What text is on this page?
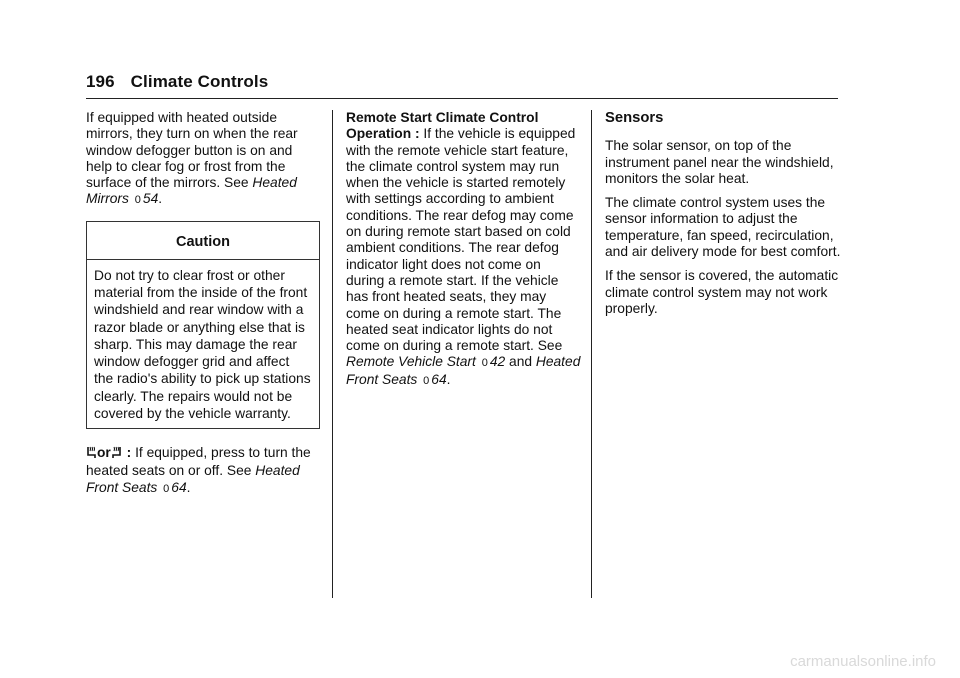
196 Climate Controls

If equipped with heated outside mirrors, they turn on when the rear window defogger button is on and help to clear fog or frost from the surface of the mirrors. See Heated Mirrors 0 54.

Caution
Do not try to clear frost or other material from the inside of the front windshield and rear window with a razor blade or anything else that is sharp. This may damage the rear window defogger grid and affect the radio's ability to pick up stations clearly. The repairs would not be covered by the vehicle warranty.

or : If equipped, press to turn the heated seats on or off. See Heated Front Seats 0 64.

Remote Start Climate Control Operation : If the vehicle is equipped with the remote vehicle start feature, the climate control system may run when the vehicle is started remotely with settings according to ambient conditions. The rear defog may come on during remote start based on cold ambient conditions. The rear defog indicator light does not come on during a remote start. If the vehicle has front heated seats, they may come on during a remote start. The heated seat indicator lights do not come on during a remote start. See Remote Vehicle Start 0 42 and Heated Front Seats 0 64.

Sensors

The solar sensor, on top of the instrument panel near the windshield, monitors the solar heat.

The climate control system uses the sensor information to adjust the temperature, fan speed, recirculation, and air delivery mode for best comfort.

If the sensor is covered, the automatic climate control system may not work properly.

carmanualsonline.info
